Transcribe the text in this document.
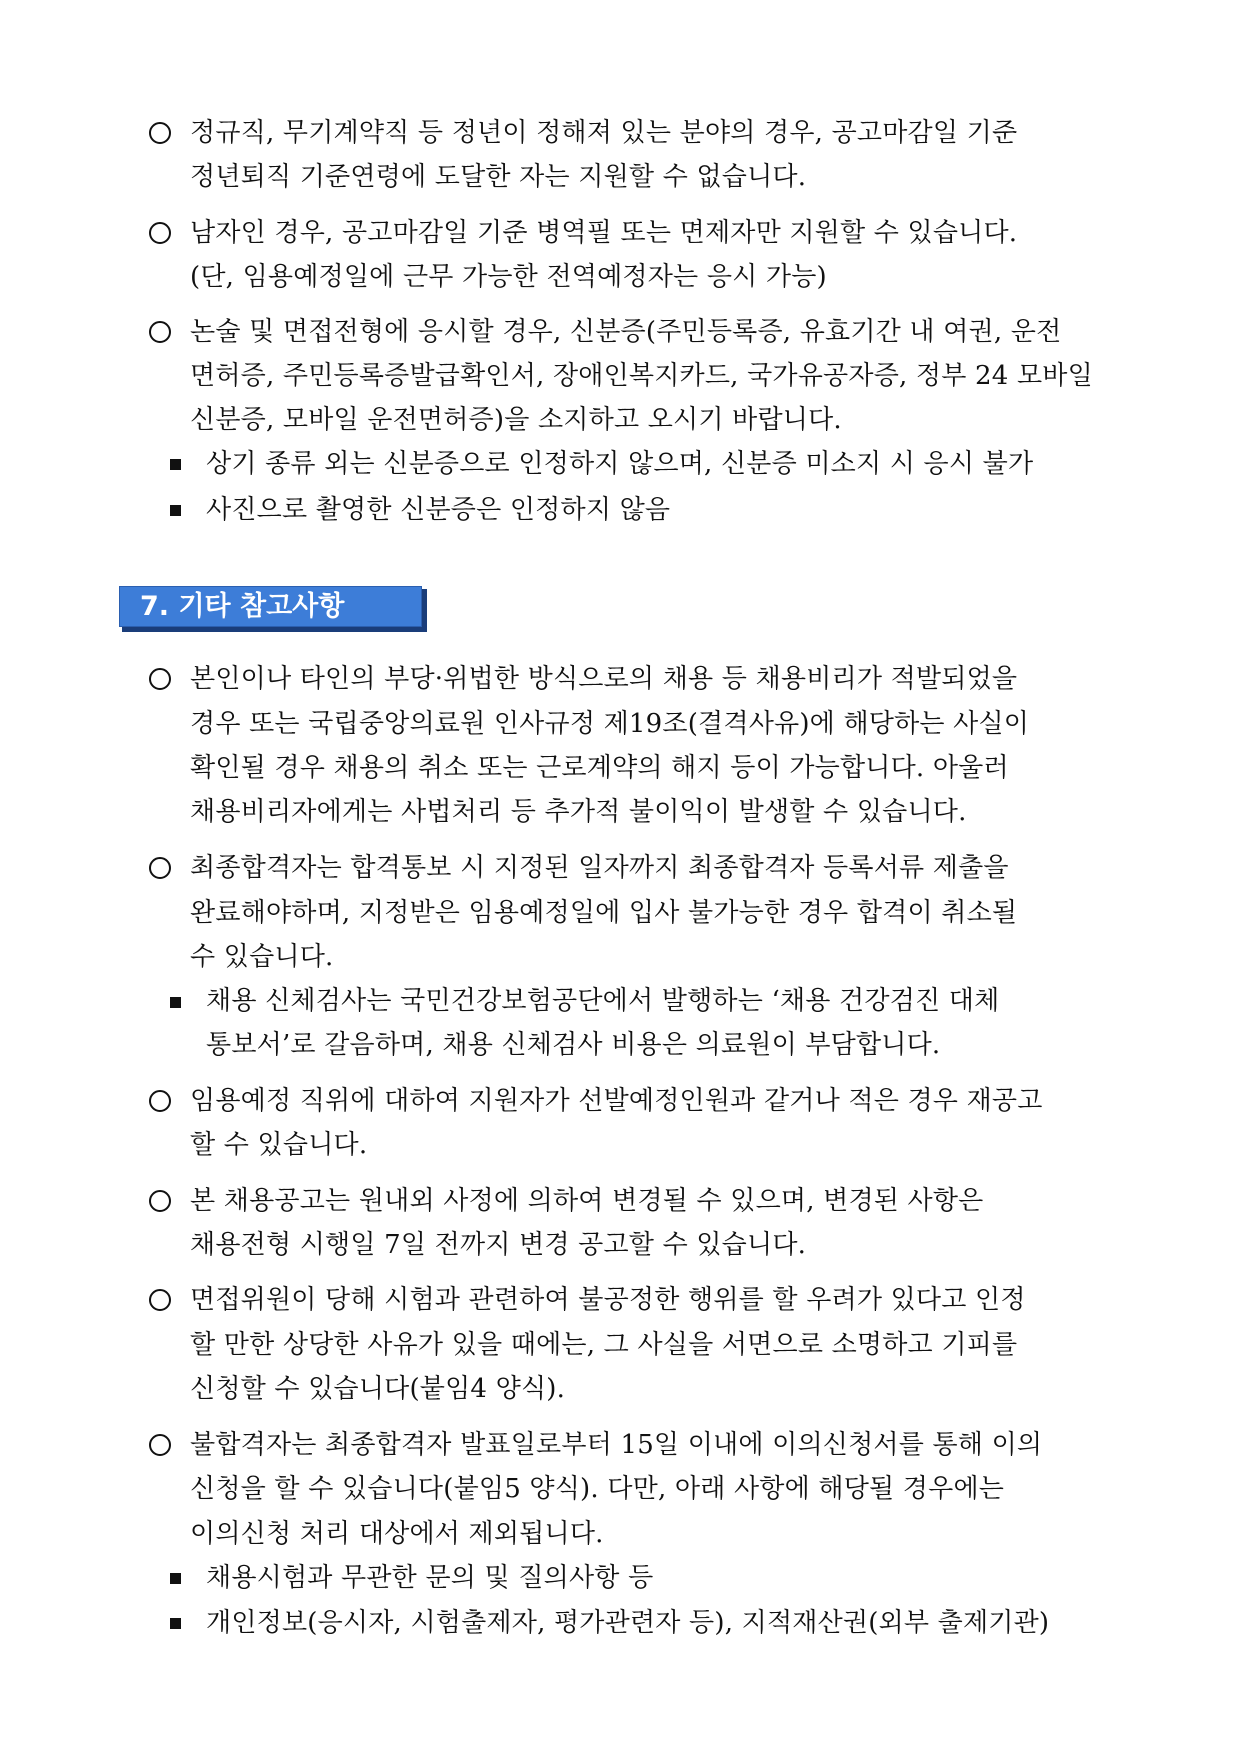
정규직, 무기계약직 등 정년이 정해져 있는 분야의 경우, 공고마감일 기준
정년퇴직 기준연령에 도달한 자는 지원할 수 없습니다.
남자인 경우, 공고마감일 기준 병역필 또는 면제자만 지원할 수 있습니다.
(단, 임용예정일에 근무 가능한 전역예정자는 응시 가능)
논술 및 면접전형에 응시할 경우, 신분증(주민등록증, 유효기간 내 여권, 운전
면허증, 주민등록증발급확인서, 장애인복지카드, 국가유공자증, 정부 24 모바일
신분증, 모바일 운전면허증)을 소지하고 오시기 바랍니다.
상기 종류 외는 신분증으로 인정하지 않으며, 신분증 미소지 시 응시 불가
사진으로 촬영한 신분증은 인정하지 않음
7. 기타 참고사항
본인이나 타인의 부당·위법한 방식으로의 채용 등 채용비리가 적발되었을
경우 또는 국립중앙의료원 인사규정 제19조(결격사유)에 해당하는 사실이
확인될 경우 채용의 취소 또는 근로계약의 해지 등이 가능합니다. 아울러
채용비리자에게는 사법처리 등 추가적 불이익이 발생할 수 있습니다.
최종합격자는 합격통보 시 지정된 일자까지 최종합격자 등록서류 제출을
완료해야하며, 지정받은 임용예정일에 입사 불가능한 경우 합격이 취소될
수 있습니다.
채용 신체검사는 국민건강보험공단에서 발행하는 ‘채용 건강검진 대체
통보서’로 갈음하며, 채용 신체검사 비용은 의료원이 부담합니다.
임용예정 직위에 대하여 지원자가 선발예정인원과 같거나 적은 경우 재공고
할 수 있습니다.
본 채용공고는 원내외 사정에 의하여 변경될 수 있으며, 변경된 사항은
채용전형 시행일 7일 전까지 변경 공고할 수 있습니다.
면접위원이 당해 시험과 관련하여 불공정한 행위를 할 우려가 있다고 인정
할 만한 상당한 사유가 있을 때에는, 그 사실을 서면으로 소명하고 기피를
신청할 수 있습니다(붙임4 양식).
불합격자는 최종합격자 발표일로부터 15일 이내에 이의신청서를 통해 이의
신청을 할 수 있습니다(붙임5 양식). 다만, 아래 사항에 해당될 경우에는
이의신청 처리 대상에서 제외됩니다.
채용시험과 무관한 문의 및 질의사항 등
개인정보(응시자, 시험출제자, 평가관련자 등), 지적재산권(외부 출제기관)
